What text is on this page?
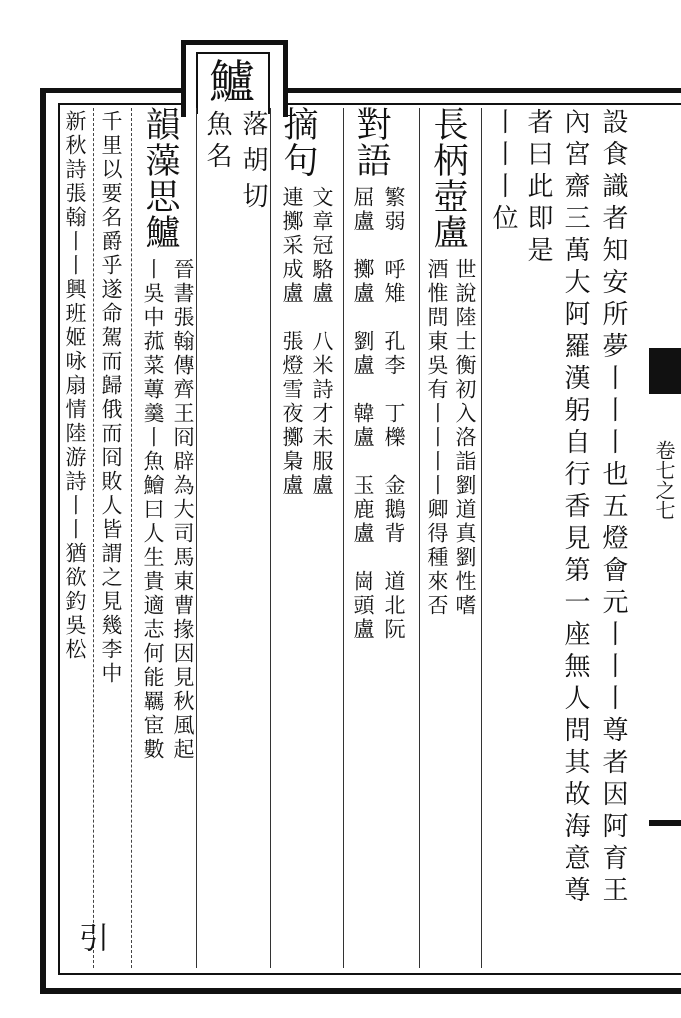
鱸
卷七之七
設食識者知安所夢丨丨丨也五燈會元丨丨丨尊者因阿育王
內宮齋三萬大阿羅漢躬自行香見第一座無人問其故海意尊
者曰此即是
丨丨丨位
長柄壺盧
世說陸士衡初入洛詣劉道真劉性嗜
酒惟問東吳有丨丨丨丨卿得種來否
對語
繁弱　呼雉　孔李　丁櫟　金鵝背　道北阮
屈盧　擲盧　劉盧　韓盧　玉鹿盧　崗頭盧
摘句
文章冠駱盧　八米詩才未服盧
連擲采成盧　張燈雪夜擲梟盧
落胡切
魚名
韻藻思鱸
晉書張翰傳齊王冏辟為大司馬東曹掾因見秋風起
丨吳中菰菜蓴羹丨魚鱠曰人生貴適志何能羈宦數
千里以要名爵乎遂命駕而歸俄而冏敗人皆謂之見幾李中
新秋詩張翰丨丨興班姬咏扇情陸游詩丨丨猶欲釣吳松
引
